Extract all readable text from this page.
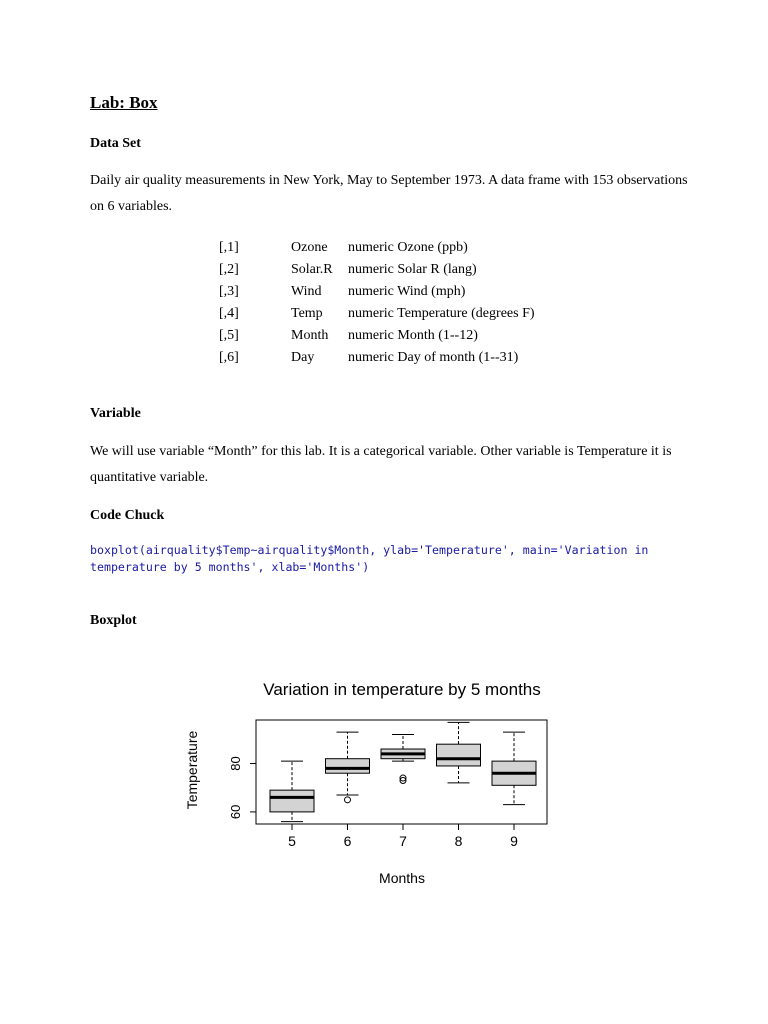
Lab: Box
Data Set
Daily air quality measurements in New York, May to September 1973. A data frame with 153 observations on 6 variables.
[,1]	Ozone	numeric Ozone (ppb)
[,2]	Solar.R	numeric Solar R (lang)
[,3]	Wind	numeric Wind (mph)
[,4]	Temp	numeric Temperature (degrees F)
[,5]	Month	numeric Month (1--12)
[,6]	Day	numeric Day of month (1--31)
Variable
We will use variable “Month” for this lab. It is a categorical variable. Other variable is Temperature it is quantitative variable.
Code Chuck
boxplot(airquality$Temp~airquality$Month, ylab='Temperature', main='Variation in temperature by 5 months', xlab='Months')
Boxplot
Variation in temperature by 5 months
Months
Temperature
60
80
5	6	7	8	9
